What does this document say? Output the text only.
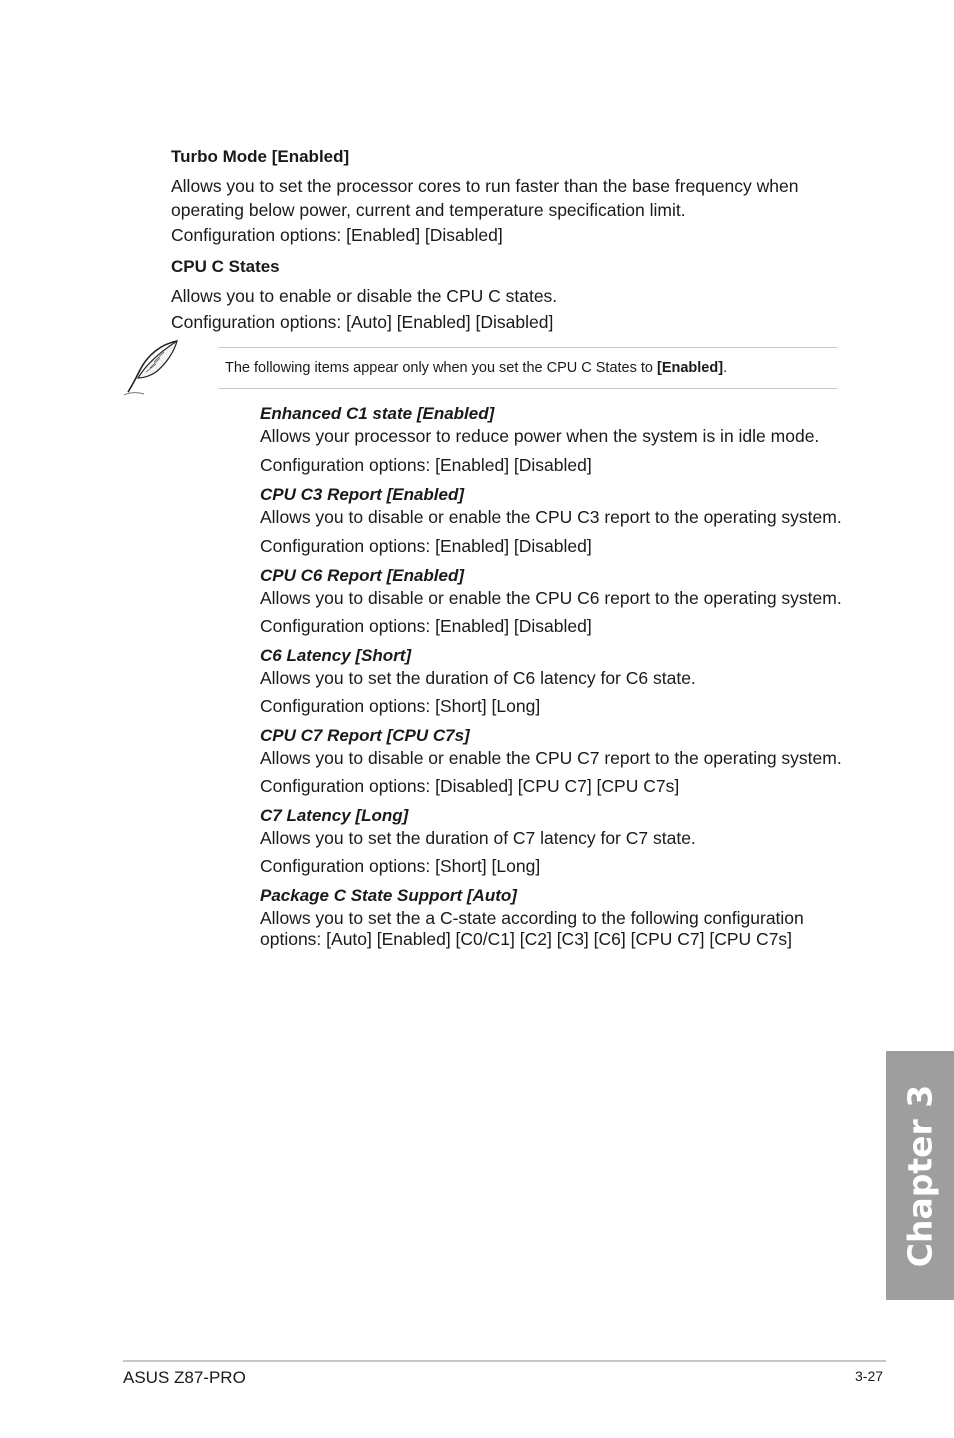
Turbo Mode [Enabled]
Allows you to set the processor cores to run faster than the base frequency when
operating below power, current and temperature specification limit.
Configuration options: [Enabled] [Disabled]
CPU C States
Allows you to enable or disable the CPU C states.
Configuration options: [Auto] [Enabled] [Disabled]
The following items appear only when you set the CPU C States to [Enabled].
Enhanced C1 state [Enabled]
Allows your processor to reduce power when the system is in idle mode.
Configuration options: [Enabled] [Disabled]
CPU C3 Report [Enabled]
Allows you to disable or enable the CPU C3 report to the operating system.
Configuration options: [Enabled] [Disabled]
CPU C6 Report [Enabled]
Allows you to disable or enable the CPU C6 report to the operating system.
Configuration options: [Enabled] [Disabled]
C6 Latency [Short]
Allows you to set the duration of C6 latency for C6 state.
Configuration options: [Short] [Long]
CPU C7 Report [CPU C7s]
Allows you to disable or enable the CPU C7 report to the operating system.
Configuration options: [Disabled] [CPU C7] [CPU C7s]
C7 Latency [Long]
Allows you to set the duration of C7 latency for C7 state.
Configuration options: [Short] [Long]
Package C State Support [Auto]
Allows you to set the a C-state according to the following configuration
options: [Auto] [Enabled] [C0/C1] [C2] [C3] [C6] [CPU C7] [CPU C7s]
Chapter 3
ASUS Z87-PRO	3-27
